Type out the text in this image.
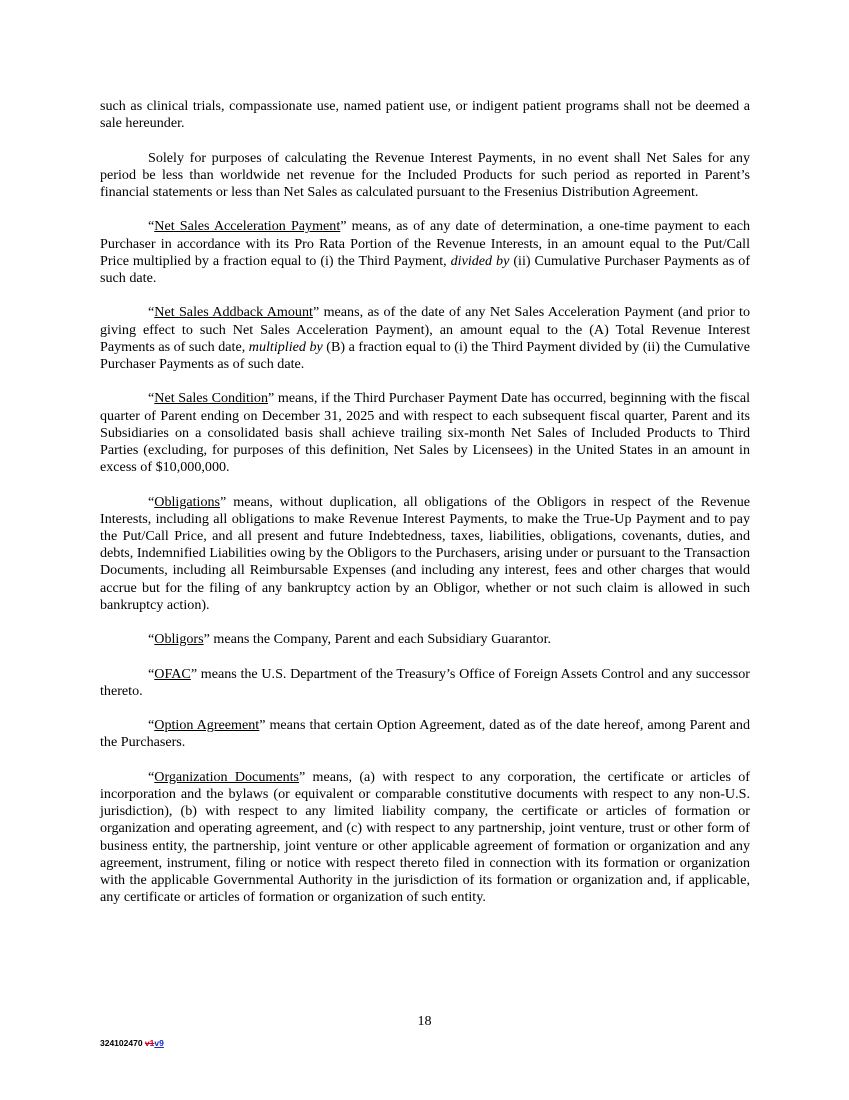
such as clinical trials, compassionate use, named patient use, or indigent patient programs shall not be deemed a sale hereunder.

Solely for purposes of calculating the Revenue Interest Payments, in no event shall Net Sales for any period be less than worldwide net revenue for the Included Products for such period as reported in Parent’s financial statements or less than Net Sales as calculated pursuant to the Fresenius Distribution Agreement.

“Net Sales Acceleration Payment” means, as of any date of determination, a one-time payment to each Purchaser in accordance with its Pro Rata Portion of the Revenue Interests, in an amount equal to the Put/Call Price multiplied by a fraction equal to (i) the Third Payment, divided by (ii) Cumulative Purchaser Payments as of such date.

“Net Sales Addback Amount” means, as of the date of any Net Sales Acceleration Payment (and prior to giving effect to such Net Sales Acceleration Payment), an amount equal to the (A) Total Revenue Interest Payments as of such date, multiplied by (B) a fraction equal to (i) the Third Payment divided by (ii) the Cumulative Purchaser Payments as of such date.

“Net Sales Condition” means, if the Third Purchaser Payment Date has occurred, beginning with the fiscal quarter of Parent ending on December 31, 2025 and with respect to each subsequent fiscal quarter, Parent and its Subsidiaries on a consolidated basis shall achieve trailing six-month Net Sales of Included Products to Third Parties (excluding, for purposes of this definition, Net Sales by Licensees) in the United States in an amount in excess of $10,000,000.

“Obligations” means, without duplication, all obligations of the Obligors in respect of the Revenue Interests, including all obligations to make Revenue Interest Payments, to make the True-Up Payment and to pay the Put/Call Price, and all present and future Indebtedness, taxes, liabilities, obligations, covenants, duties, and debts, Indemnified Liabilities owing by the Obligors to the Purchasers, arising under or pursuant to the Transaction Documents, including all Reimbursable Expenses (and including any interest, fees and other charges that would accrue but for the filing of any bankruptcy action by an Obligor, whether or not such claim is allowed in such bankruptcy action).

“Obligors” means the Company, Parent and each Subsidiary Guarantor.

“OFAC” means the U.S. Department of the Treasury’s Office of Foreign Assets Control and any successor thereto.

“Option Agreement” means that certain Option Agreement, dated as of the date hereof, among Parent and the Purchasers.

“Organization Documents” means, (a) with respect to any corporation, the certificate or articles of incorporation and the bylaws (or equivalent or comparable constitutive documents with respect to any non-U.S. jurisdiction), (b) with respect to any limited liability company, the certificate or articles of formation or organization and operating agreement, and (c) with respect to any partnership, joint venture, trust or other form of business entity, the partnership, joint venture or other applicable agreement of formation or organization and any agreement, instrument, filing or notice with respect thereto filed in connection with its formation or organization with the applicable Governmental Authority in the jurisdiction of its formation or organization and, if applicable, any certificate or articles of formation or organization of such entity.

18
324102470 v1v9
